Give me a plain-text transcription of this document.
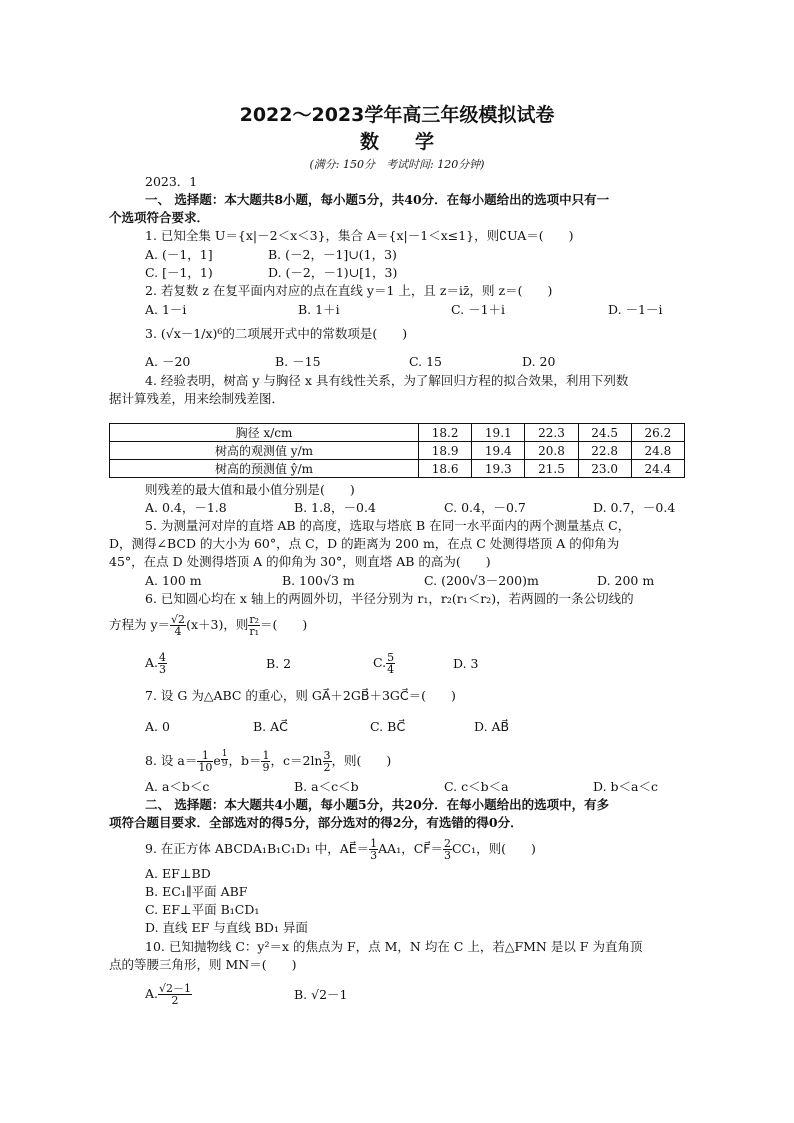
2022～2023学年高三年级模拟试卷
数学
(满分: 150分　考试时间: 120分钟)
2023．1
一、 选择题：本大题共8小题，每小题5分，共40分．在每小题给出的选项中只有一
个选项符合要求．
1. 已知全集 U＝{x|－2＜x＜3}，集合 A＝{x|－1＜x≤1}，则∁UA＝(　　)
A. (－1，1]	B. (－2，－1]∪(1，3)
C. [－1，1)	D. (－2，－1)∪[1，3)
2. 若复数 z 在复平面内对应的点在直线 y＝1 上，且 z＝iz̄，则 z＝(　　)
A. 1－i	B. 1＋i	C. －1＋i	D. －1－i
3. (√x－1/x)⁶的二项展开式中的常数项是(　　)
A. －20	B. －15	C. 15	D. 20
4. 经验表明，树高 y 与胸径 x 具有线性关系，为了解回归方程的拟合效果，利用下列数
据计算残差，用来绘制残差图．
胸径 x/cm	18.2	19.1	22.3	24.5	26.2
树高的观测值 y/m	18.9	19.4	20.8	22.8	24.8
树高的预测值 ŷ/m	18.6	19.3	21.5	23.0	24.4
则残差的最大值和最小值分别是(　　)
A. 0.4，－1.8	B. 1.8，－0.4	C. 0.4，－0.7	D. 0.7，－0.4
5. 为测量河对岸的直塔 AB 的高度，选取与塔底 B 在同一水平面内的两个测量基点 C，
D，测得∠BCD 的大小为 60°，点 C，D 的距离为 200 m，在点 C 处测得塔顶 A 的仰角为
45°，在点 D 处测得塔顶 A 的仰角为 30°，则直塔 AB 的高为(　　)
A. 100 m	B. 100√3 m	C. (200√3－200)m	D. 200 m
6. 已知圆心均在 x 轴上的两圆外切，半径分别为 r₁，r₂(r₁＜r₂)，若两圆的一条公切线的
方程为 $y= \frac{√2}{4} (x+3)$，则 $\frac{\text{r₂}}{\text{r₁}}$ ＝(　　)
A. $\frac{4}{3}$	B. 2	C. $\frac{5}{4}$	D. 3
7. 设 G 为△ABC 的重心，则 GA⃗＋2GB⃗＋3GC⃗＝(　　)
A. 0	B. AC⃗	C. BC⃗	D. AB⃗
8. 设 $a= \frac{1}{10}$ e $\frac{1}{9}$ ，$b= \frac{1}{9}$ ，$c=2\ln \frac{3}{2}$ ，则(　　)
A. a＜b＜c	B. a＜c＜b	C. c＜b＜a	D. b＜a＜c
二、 选择题：本大题共4小题，每小题5分，共20分．在每小题给出的选项中，有多
项符合题目要求．全部选对的得5分，部分选对的得2分，有选错的得0分．
9. 在正方体 ABCDA₁B₁C₁D₁ 中，AE⃗＝ $\frac{1}{3} AA_1$，CF⃗＝ $\frac{2}{3} CC_1$，则(　　)
A. EF⊥BD
B. EC₁∥平面 ABF
C. EF⊥平面 B₁CD₁
D. 直线 EF 与直线 BD₁ 异面
10. 已知抛物线 C：y²＝x 的焦点为 F，点 M，N 均在 C 上，若△FMN 是以 F 为直角顶
点的等腰三角形，则 MN＝(　　)
A. $\frac{√2-1}{2}$	B. √2－1
